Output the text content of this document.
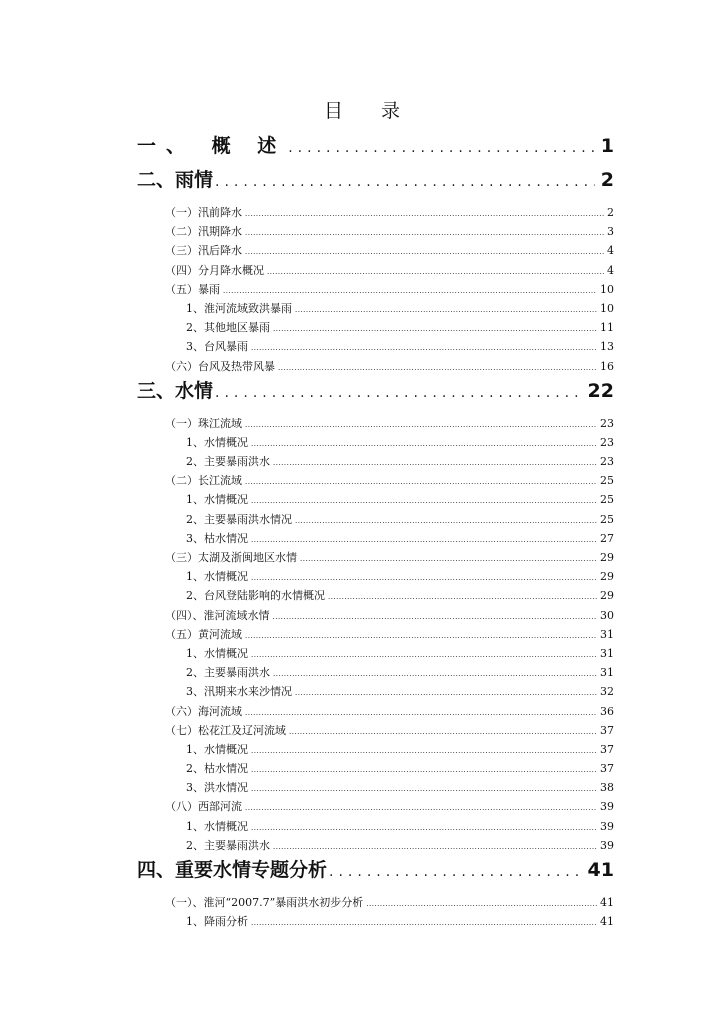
目　　录
一、 概 述 .....	1
二、雨情 .....	2
（一）汛前降水 .....	2
（二）汛期降水 .....	3
（三）汛后降水 .....	4
（四）分月降水概况 .....	4
（五）暴雨 .....	10
1、淮河流域致洪暴雨 .....	10
2、其他地区暴雨 .....	11
3、台风暴雨 .....	13
（六）台风及热带风暴 .....	16
三、水情 .....	22
（一）珠江流域 .....	23
1、水情概况 .....	23
2、主要暴雨洪水 .....	23
（二）长江流域 .....	25
1、水情概况 .....	25
2、主要暴雨洪水情况 .....	25
3、枯水情况 .....	27
（三）太湖及浙闽地区水情 .....	29
1、水情概况 .....	29
2、台风登陆影响的水情概况 .....	29
（四）、淮河流域水情 .....	30
（五）黄河流域 .....	31
1、水情概况 .....	31
2、主要暴雨洪水 .....	31
3、汛期来水来沙情况 .....	32
（六）海河流域 .....	36
（七）松花江及辽河流域 .....	37
1、水情概况 .....	37
2、枯水情况 .....	37
3、洪水情况 .....	38
（八）西部河流 .....	39
1、水情概况 .....	39
2、主要暴雨洪水 .....	39
四、重要水情专题分析 .....	41
（一）、淮河“2007.7”暴雨洪水初步分析 .....	41
1、降雨分析 .....	41
